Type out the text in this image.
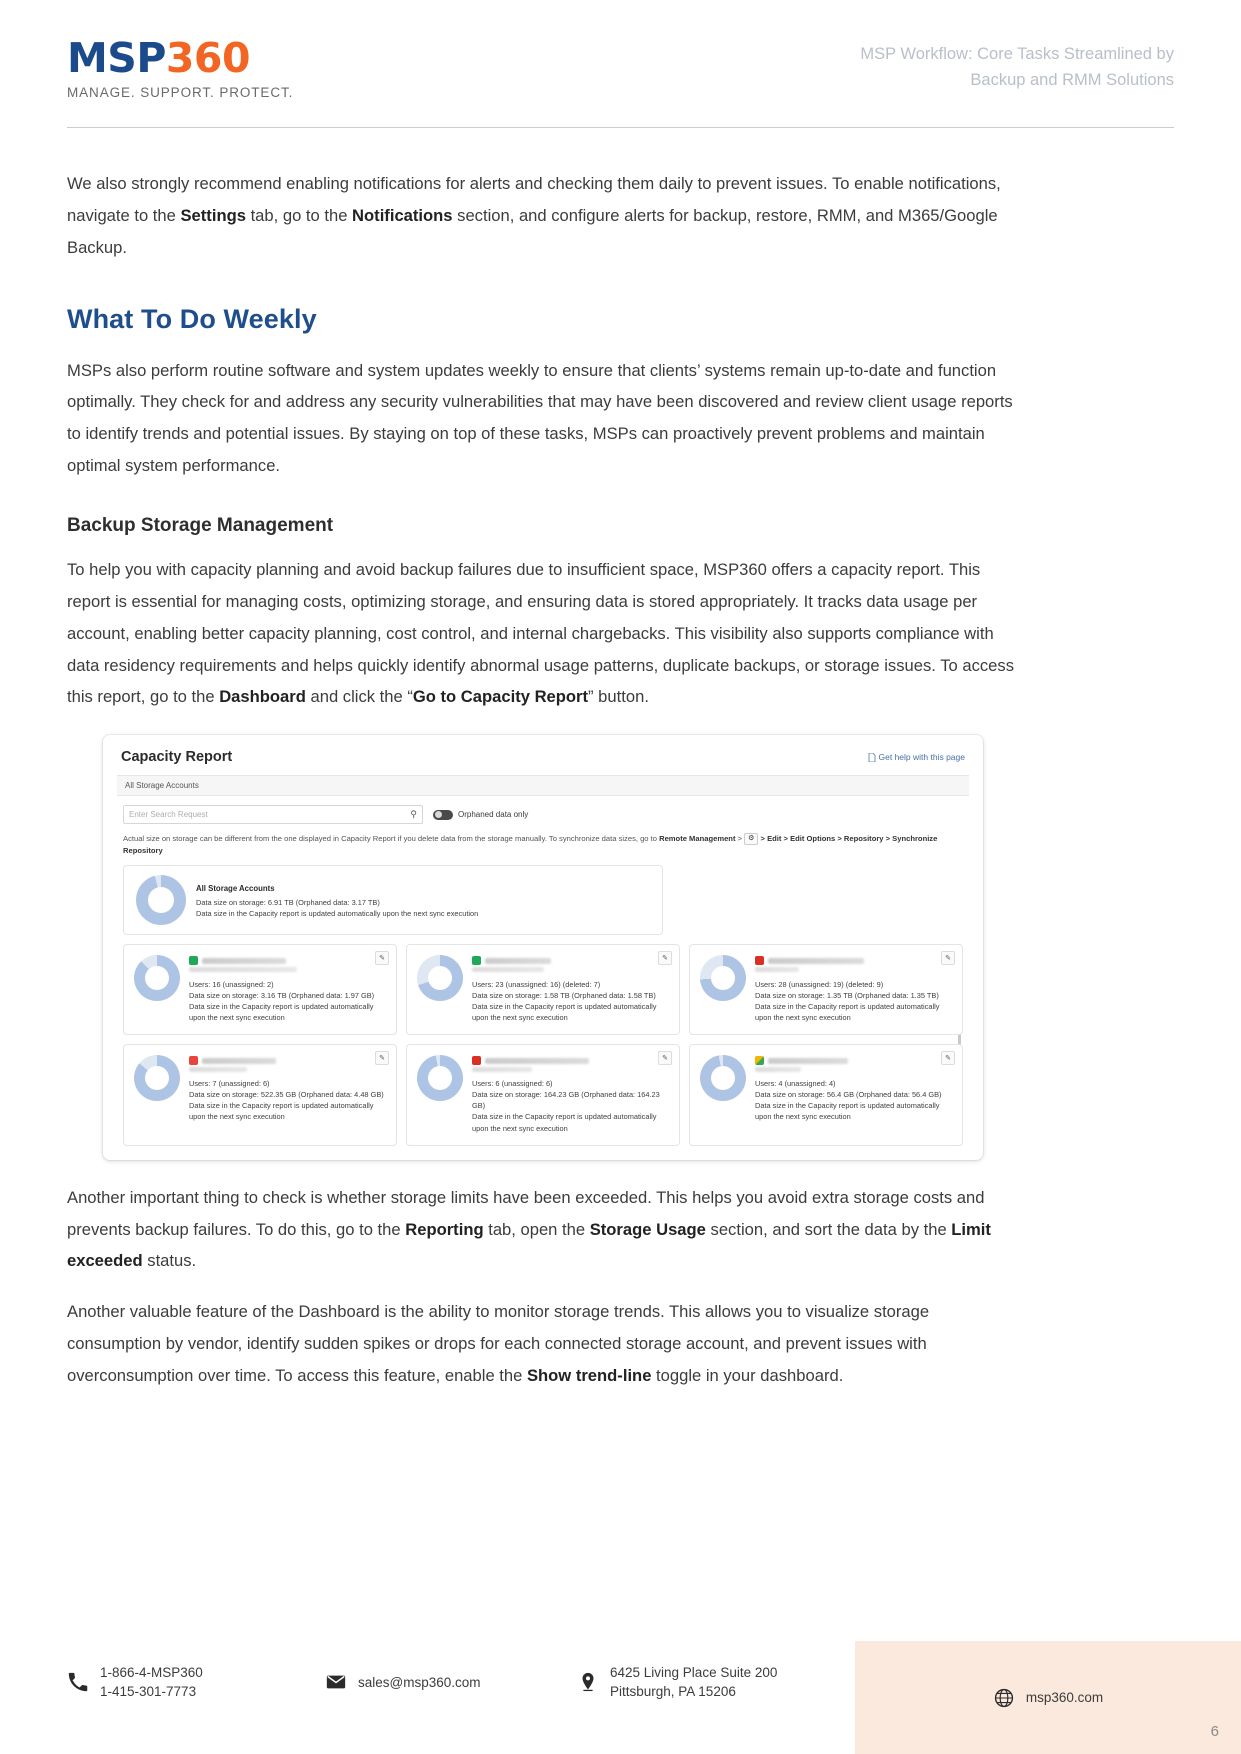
MSP360
MANAGE. SUPPORT. PROTECT.
MSP Workflow: Core Tasks Streamlined by
Backup and RMM Solutions

We also strongly recommend enabling notifications for alerts and checking them daily to prevent issues. To enable notifications, navigate to the Settings tab, go to the Notifications section, and configure alerts for backup, restore, RMM, and M365/Google Backup.

What To Do Weekly

MSPs also perform routine software and system updates weekly to ensure that clients’ systems remain up-to-date and function optimally. They check for and address any security vulnerabilities that may have been discovered and review client usage reports to identify trends and potential issues. By staying on top of these tasks, MSPs can proactively prevent problems and maintain optimal system performance.

Backup Storage Management

To help you with capacity planning and avoid backup failures due to insufficient space, MSP360 offers a capacity report. This report is essential for managing costs, optimizing storage, and ensuring data is stored appropriately. It tracks data usage per account, enabling better capacity planning, cost control, and internal chargebacks. This visibility also supports compliance with data residency requirements and helps quickly identify abnormal usage patterns, duplicate backups, or storage issues. To access this report, go to the Dashboard and click the “Go to Capacity Report” button.

Capacity Report	Get help with this page
All Storage Accounts
Enter Search Request	⚲	Orphaned data only
Actual size on storage can be different from the one displayed in Capacity Report if you delete data from the storage manually. To synchronize data sizes, go to Remote Management > ⚙ > Edit > Edit Options > Repository > Synchronize Repository
All Storage Accounts
Data size on storage: 6.91 TB (Orphaned data: 3.17 TB)
Data size in the Capacity report is updated automatically upon the next sync execution
✎
Users: 16 (unassigned: 2)
Data size on storage: 3.16 TB (Orphaned data: 1.97 GB)
Data size in the Capacity report is updated automatically upon the next sync execution
✎
Users: 23 (unassigned: 16) (deleted: 7)
Data size on storage: 1.58 TB (Orphaned data: 1.58 TB)
Data size in the Capacity report is updated automatically upon the next sync execution
✎
Users: 28 (unassigned: 19) (deleted: 9)
Data size on storage: 1.35 TB (Orphaned data: 1.35 TB)
Data size in the Capacity report is updated automatically upon the next sync execution
✎
Users: 7 (unassigned: 6)
Data size on storage: 522.35 GB (Orphaned data: 4.48 GB)
Data size in the Capacity report is updated automatically upon the next sync execution
✎
Users: 6 (unassigned: 6)
Data size on storage: 164.23 GB (Orphaned data: 164.23 GB)
Data size in the Capacity report is updated automatically upon the next sync execution
✎
Users: 4 (unassigned: 4)
Data size on storage: 56.4 GB (Orphaned data: 56.4 GB)
Data size in the Capacity report is updated automatically upon the next sync execution

Another important thing to check is whether storage limits have been exceeded. This helps you avoid extra storage costs and prevents backup failures. To do this, go to the Reporting tab, open the Storage Usage section, and sort the data by the Limit exceeded status.

Another valuable feature of the Dashboard is the ability to monitor storage trends. This allows you to visualize storage consumption by vendor, identify sudden spikes or drops for each connected storage account, and prevent issues with overconsumption over time. To access this feature, enable the Show trend-line toggle in your dashboard.

1-866-4-MSP360
1-415-301-7773
sales@msp360.com
6425 Living Place Suite 200
Pittsburgh, PA 15206	msp360.com
6
